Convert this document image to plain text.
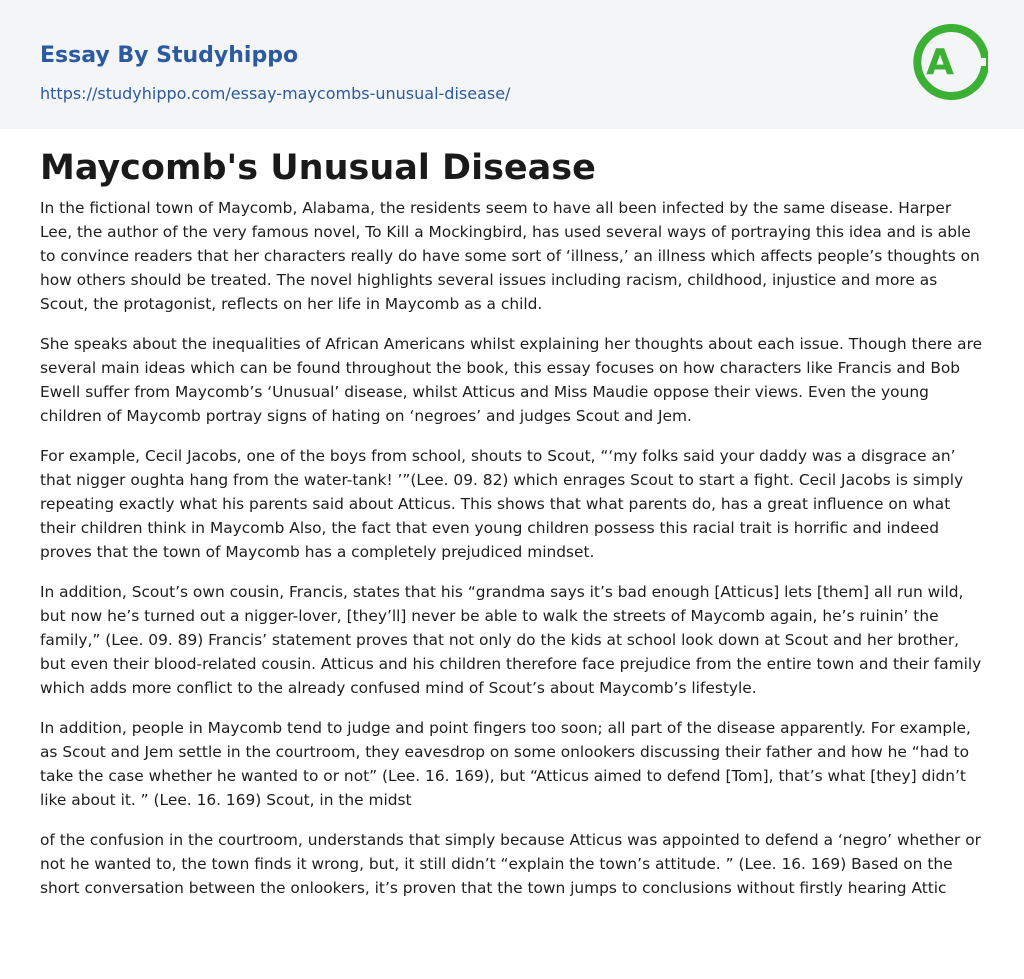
Essay By Studyhippo
https://studyhippo.com/essay-maycombs-unusual-disease/
A
Maycomb's Unusual Disease

In the fictional town of Maycomb, Alabama, the residents seem to have all been infected by the same disease. Harper Lee, the author of the very famous novel, To Kill a Mockingbird, has used several ways of portraying this idea and is able to convince readers that her characters really do have some sort of ‘illness,’ an illness which affects people’s thoughts on how others should be treated. The novel highlights several issues including racism, childhood, injustice and more as Scout, the protagonist, reflects on her life in Maycomb as a child.

She speaks about the inequalities of African Americans whilst explaining her thoughts about each issue. Though there are several main ideas which can be found throughout the book, this essay focuses on how characters like Francis and Bob Ewell suffer from Maycomb’s ‘Unusual’ disease, whilst Atticus and Miss Maudie oppose their views. Even the young children of Maycomb portray signs of hating on ‘negroes’ and judges Scout and Jem.

For example, Cecil Jacobs, one of the boys from school, shouts to Scout, “‘my folks said your daddy was a disgrace an’ that nigger oughta hang from the water-tank! ’”(Lee. 09. 82) which enrages Scout to start a fight. Cecil Jacobs is simply repeating exactly what his parents said about Atticus. This shows that what parents do, has a great influence on what their children think in Maycomb Also, the fact that even young children possess this racial trait is horrific and indeed proves that the town of Maycomb has a completely prejudiced mindset.

In addition, Scout’s own cousin, Francis, states that his “grandma says it’s bad enough [Atticus] lets [them] all run wild, but now he’s turned out a nigger-lover, [they’ll] never be able to walk the streets of Maycomb again, he’s ruinin’ the family,” (Lee. 09. 89) Francis’ statement proves that not only do the kids at school look down at Scout and her brother, but even their blood-related cousin. Atticus and his children therefore face prejudice from the entire town and their family which adds more conflict to the already confused mind of Scout’s about Maycomb’s lifestyle.

In addition, people in Maycomb tend to judge and point fingers too soon; all part of the disease apparently. For example, as Scout and Jem settle in the courtroom, they eavesdrop on some onlookers discussing their father and how he “had to take the case whether he wanted to or not” (Lee. 16. 169), but “Atticus aimed to defend [Tom], that’s what [they] didn’t like about it. ” (Lee. 16. 169) Scout, in the midst

of the confusion in the courtroom, understands that simply because Atticus was appointed to defend a ‘negro’ whether or not he wanted to, the town finds it wrong, but, it still didn’t “explain the town’s attitude. ” (Lee. 16. 169) Based on the short conversation between the onlookers, it’s proven that the town jumps to conclusions without firstly hearing Attic
